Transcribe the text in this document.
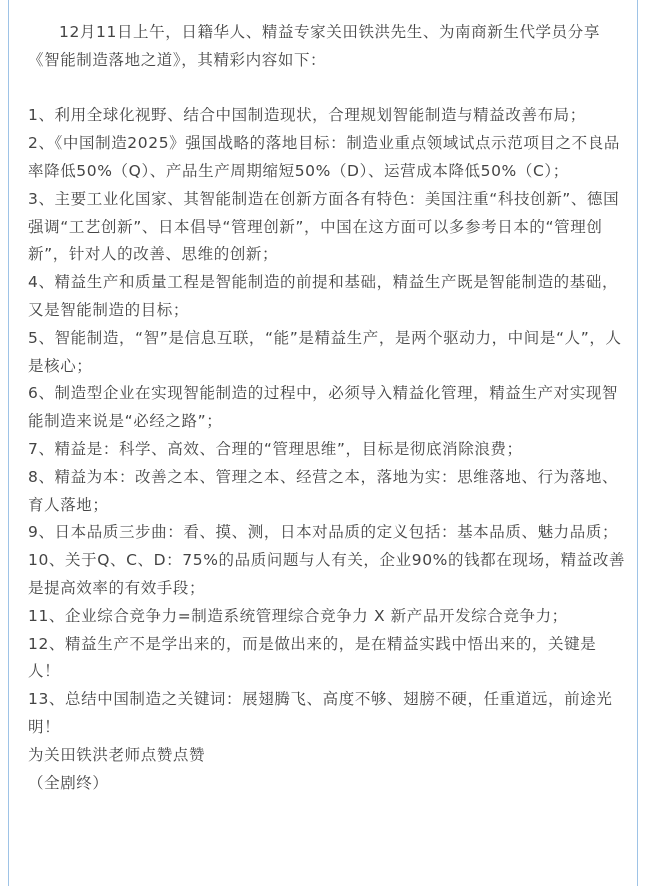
12月11日上午，日籍华人、精益专家关田铁洪先生、为南商新生代学员分享《智能制造落地之道》，其精彩内容如下：

1、利用全球化视野、结合中国制造现状，合理规划智能制造与精益改善布局；

2、《中国制造2025》强国战略的落地目标：制造业重点领域试点示范项目之不良品率降低50%（Q）、产品生产周期缩短50%（D）、运营成本降低50%（C）；

3、主要工业化国家、其智能制造在创新方面各有特色：美国注重“科技创新”、德国强调“工艺创新”、日本倡导“管理创新”，中国在这方面可以多参考日本的“管理创新”，针对人的改善、思维的创新；

4、精益生产和质量工程是智能制造的前提和基础，精益生产既是智能制造的基础，又是智能制造的目标；

5、智能制造，“智”是信息互联，“能”是精益生产，是两个驱动力，中间是“人”，人是核心；

6、制造型企业在实现智能制造的过程中，必须导入精益化管理，精益生产对实现智能制造来说是“必经之路”；

7、精益是：科学、高效、合理的“管理思维”，目标是彻底消除浪费；

8、精益为本：改善之本、管理之本、经营之本，落地为实：思维落地、行为落地、育人落地；

9、日本品质三步曲：看、摸、测，日本对品质的定义包括：基本品质、魅力品质；

10、关于Q、C、D：75%的品质问题与人有关，企业90%的钱都在现场，精益改善是提高效率的有效手段；

11、企业综合竞争力=制造系统管理综合竞争力 X 新产品开发综合竞争力；

12、精益生产不是学出来的，而是做出来的，是在精益实践中悟出来的，关键是人！

13、总结中国制造之关键词：展翅腾飞、高度不够、翅膀不硬，任重道远，前途光明！

为关田铁洪老师点赞点赞

（全剧终）
